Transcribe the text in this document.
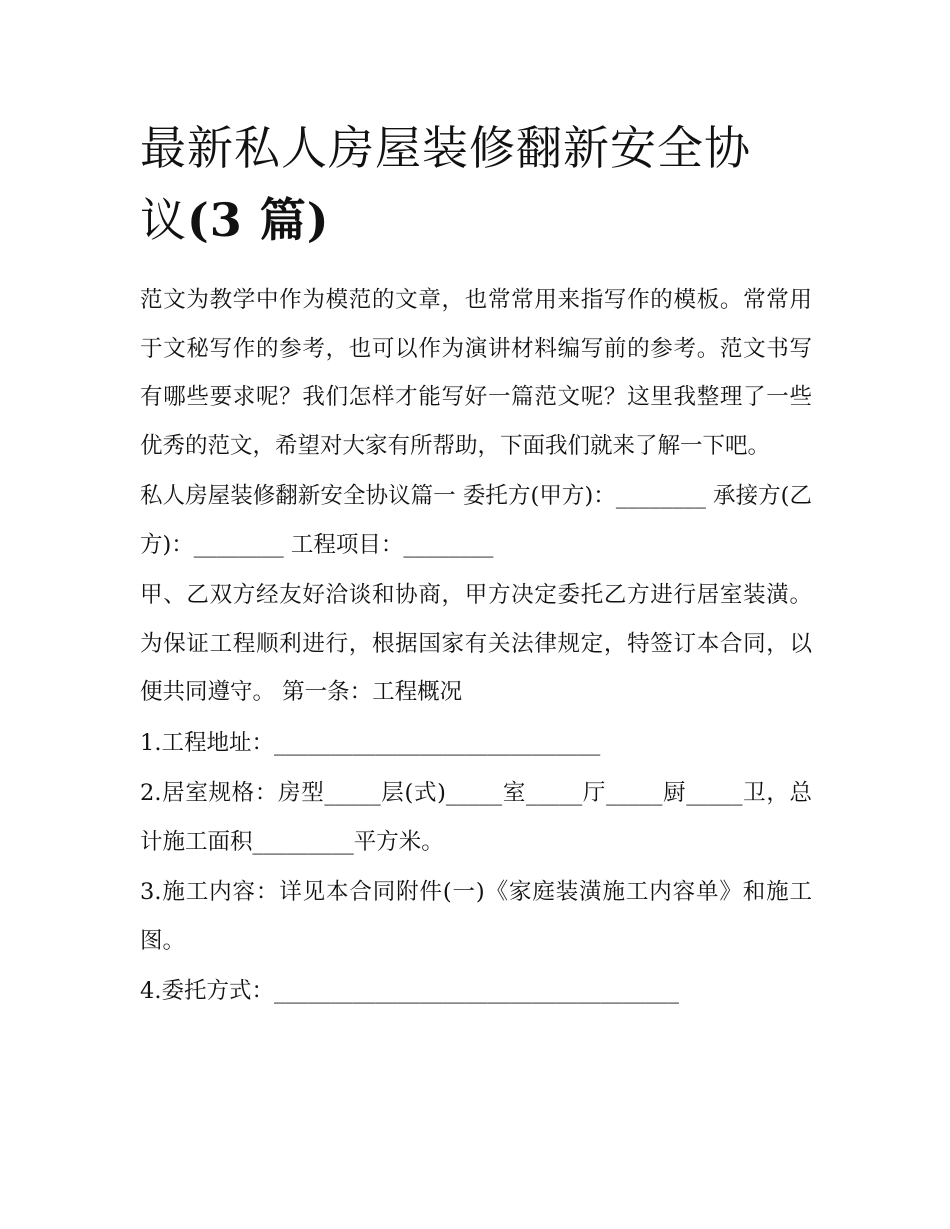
最新私人房屋装修翻新安全协
议(3 篇)

范文为教学中作为模范的文章，也常常用来指写作的模板。常常用于文秘写作的参考，也可以作为演讲材料编写前的参考。范文书写有哪些要求呢？我们怎样才能写好一篇范文呢？这里我整理了一些优秀的范文，希望对大家有所帮助，下面我们就来了解一下吧。

私人房屋装修翻新安全协议篇一 委托方(甲方)：________ 承接方(乙方)：________ 工程项目：________

甲、乙双方经友好洽谈和协商，甲方决定委托乙方进行居室装潢。为保证工程顺利进行，根据国家有关法律规定，特签订本合同，以便共同遵守。 第一条：工程概况

1.工程地址：_____________________________

2.居室规格：房型_____层(式)_____室_____厅_____厨_____卫，总计施工面积_________平方米。

3.施工内容：详见本合同附件(一)《家庭装潢施工内容单》和施工图。

4.委托方式：____________________________________
